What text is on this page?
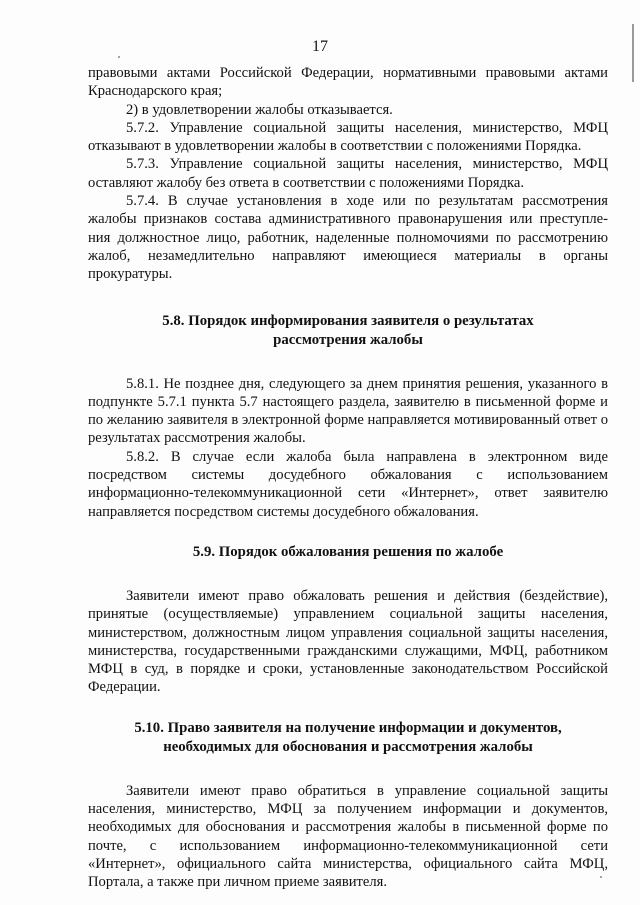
17

правовыми актами Российской Федерации, нормативными правовыми актами Краснодарского края;

2) в удовлетворении жалобы отказывается.

5.7.2. Управление социальной защиты населения, министерство, МФЦ отказывают в удовлетворении жалобы в соответствии с положениями Порядка.

5.7.3. Управление социальной защиты населения, министерство, МФЦ оставляют жалобу без ответа в соответствии с положениями Порядка.

5.7.4. В случае установления в ходе или по результатам рассмотрения жалобы признаков состава административного правонарушения или преступле-ния должностное лицо, работник, наделенные полномочиями по рассмотрению жалоб, незамедлительно направляют имеющиеся материалы в органы прокуратуры.

5.8. Порядок информирования заявителя о результатах
рассмотрения жалобы

5.8.1. Не позднее дня, следующего за днем принятия решения, указанного в подпункте 5.7.1 пункта 5.7 настоящего раздела, заявителю в письменной форме и по желанию заявителя в электронной форме направляется мотивированный ответ о результатах рассмотрения жалобы.

5.8.2. В случае если жалоба была направлена в электронном виде посредством системы досудебного обжалования с использованием информационно-телекоммуникационной сети «Интернет», ответ заявителю направляется посредством системы досудебного обжалования.

5.9. Порядок обжалования решения по жалобе

Заявители имеют право обжаловать решения и действия (бездействие), принятые (осуществляемые) управлением социальной защиты населения, министерством, должностным лицом управления социальной защиты населения, министерства, государственными гражданскими служащими, МФЦ, работником МФЦ в суд, в порядке и сроки, установленные законодательством Российской Федерации.

5.10. Право заявителя на получение информации и документов,
необходимых для обоснования и рассмотрения жалобы

Заявители имеют право обратиться в управление социальной защиты населения, министерство, МФЦ за получением информации и документов, необходимых для обоснования и рассмотрения жалобы в письменной форме по почте, с использованием информационно-телекоммуникационной сети «Интернет», официального сайта министерства, официального сайта МФЦ, Портала, а также при личном приеме заявителя.
